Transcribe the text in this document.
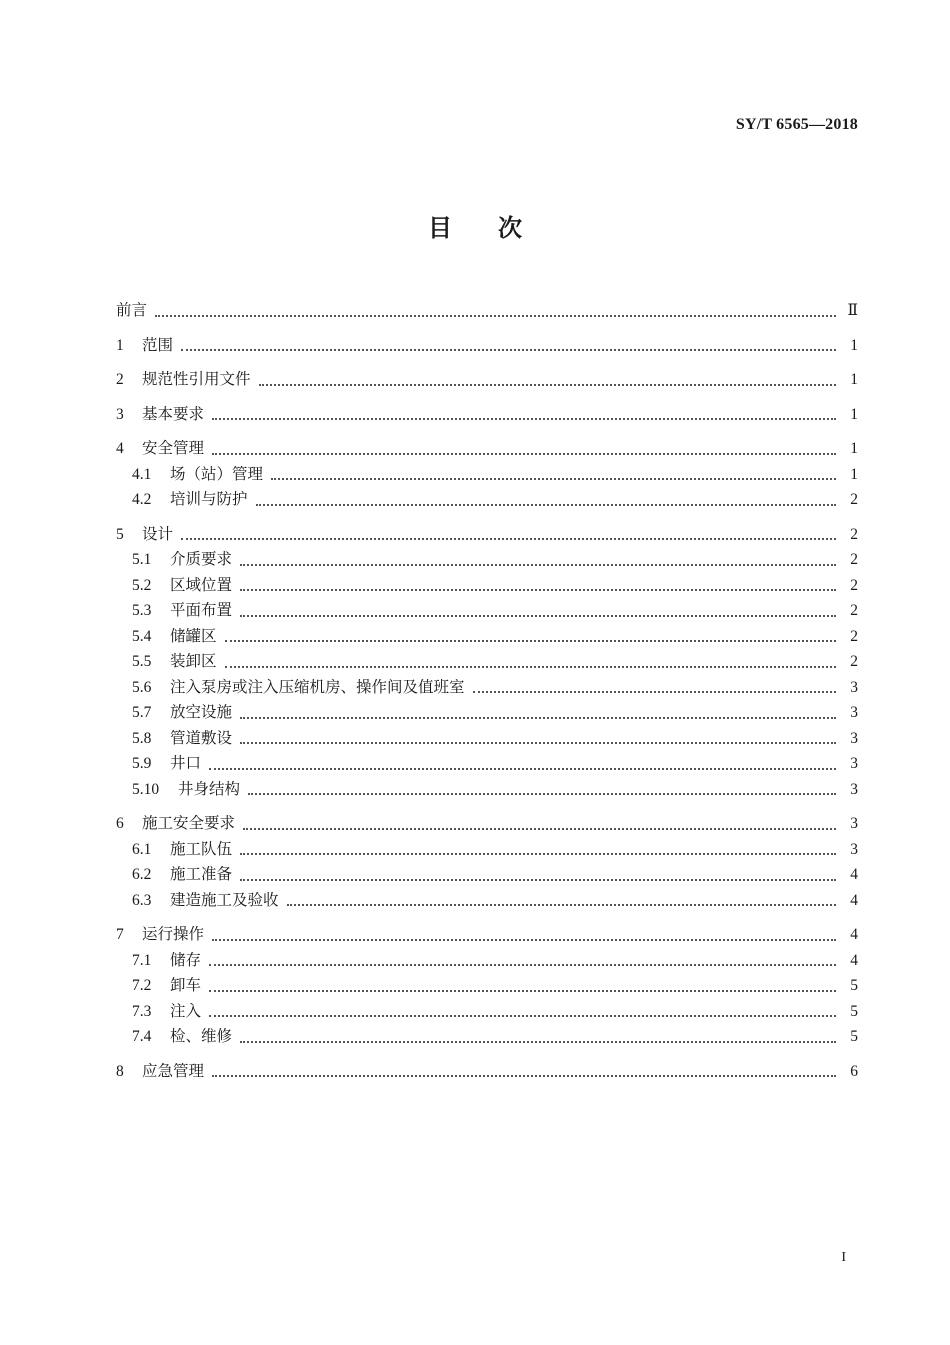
SY/T 6565—2018
目 次
前言	Ⅱ
1	范围	1
2	规范性引用文件	1
3	基本要求	1
4	安全管理	1
4.1	场（站）管理	1
4.2	培训与防护	2
5	设计	2
5.1	介质要求	2
5.2	区域位置	2
5.3	平面布置	2
5.4	储罐区	2
5.5	装卸区	2
5.6	注入泵房或注入压缩机房、操作间及值班室	3
5.7	放空设施	3
5.8	管道敷设	3
5.9	井口	3
5.10	井身结构	3
6	施工安全要求	3
6.1	施工队伍	3
6.2	施工准备	4
6.3	建造施工及验收	4
7	运行操作	4
7.1	储存	4
7.2	卸车	5
7.3	注入	5
7.4	检、维修	5
8	应急管理	6
I
